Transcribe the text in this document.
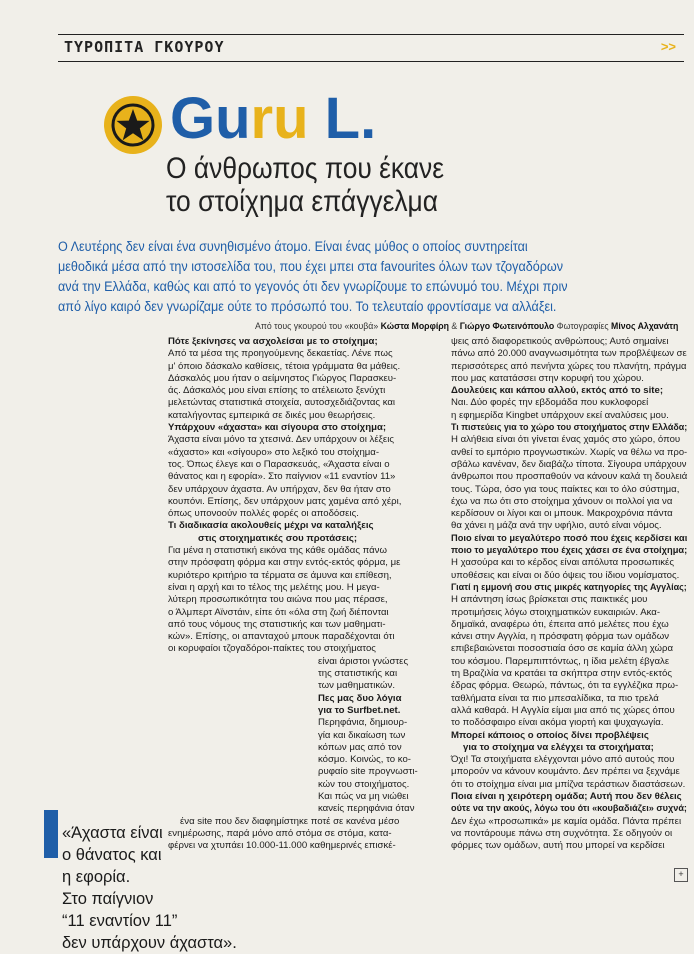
ΤΥΡΟΠΙΤΑ ΓΚΟΥΡΟΥ	>>
Guru L.
Ο άνθρωπος που έκανε
το στοίχημα επάγγελμα
Ο Λευτέρης δεν είναι ένα συνηθισμένο άτομο. Είναι ένας μύθος ο οποίος συντηρείται
μεθοδικά μέσα από την ιστοσελίδα του, που έχει μπει στα favourites όλων των τζογαδόρων
ανά την Ελλάδα, καθώς και από το γεγονός ότι δεν γνωρίζουμε το επώνυμό του. Μέχρι πριν
από λίγο καιρό δεν γνωρίζαμε ούτε το πρόσωπό του. Το τελευταίο φροντίσαμε να αλλάξει.
Από τους γκουρού του «κουβά» Κώστα Μορφίρη & Γιώργο Φωτεινόπουλο Φωτογραφίες Μίνος Αλχανάτη
Πότε ξεκίνησες να ασχολείσαι με το στοίχημα;
Από τα μέσα της προηγούμενης δεκαετίας. Λένε πως
μ' όποιο δάσκαλο καθίσεις, τέτοια γράμματα θα μάθεις.
Δάσκαλός μου ήταν ο αείμνηστος Γιώργος Παρασκευ-
άς. Δάσκαλός μου είναι επίσης το ατέλειωτο ξενύχτι
μελετώντας στατιστικά στοιχεία, αυτοσχεδιάζοντας και
καταλήγοντας εμπειρικά σε δικές μου θεωρήσεις.
Υπάρχουν «άχαστα» και σίγουρα στο στοίχημα;
Άχαστα είναι μόνο τα χτεσινά. Δεν υπάρχουν οι λέξεις
«άχαστο» και «σίγουρο» στο λεξικό του στοίχημα-
τος. Όπως έλεγε και ο Παρασκευάς, «Άχαστα είναι ο
θάνατος και η εφορία». Στο παίγνιον «11 εναντίον 11»
δεν υπάρχουν άχαστα. Αν υπήρχαν, δεν θα ήταν στο
κουπόνι. Επίσης, δεν υπάρχουν ματς χαμένα από χέρι,
όπως υπονοούν πολλές φορές οι αποδόσεις.
Τι διαδικασία ακολουθείς μέχρι να καταλήξεις
στις στοιχηματικές σου προτάσεις;
Για μένα η στατιστική εικόνα της κάθε ομάδας πάνω
στην πρόσφατη φόρμα και στην εντός-εκτός φόρμα, με
κυριότερο κριτήριο τα τέρματα σε άμυνα και επίθεση,
είναι η αρχή και το τέλος της μελέτης μου. Η μεγα-
λύτερη προσωπικότητα του αιώνα που μας πέρασε,
ο Άλμπερτ Αϊνστάιν, είπε ότι «όλα στη ζωή διέπονται
από τους νόμους της στατιστικής και των μαθηματι-
κών». Επίσης, οι απανταχού μπουκ παραδέχονται ότι
οι κορυφαίοι τζογαδόροι-παίκτες του στοιχήματος
είναι άριστοι γνώστες
της στατιστικής και
των μαθηματικών.
Πες μας δυο λόγια
για το Surfbet.net.
Περηφάνια, δημιουρ-
γία και δικαίωση των
κόπων μας από τον
κόσμο. Κοινώς, το κο-
ρυφαίο site προγνωστι-
κών του στοιχήματος.
Και πώς να μη νιώθει
κανείς περηφάνια όταν
ένα site που δεν διαφημίστηκε ποτέ σε κανένα μέσο
ενημέρωσης, παρά μόνο από στόμα σε στόμα, κατα-
φέρνει να χτυπάει 10.000-11.000 καθημερινές επισκέ-
ψεις από διαφορετικούς ανθρώπους; Αυτό σημαίνει
πάνω από 20.000 αναγνωσιμότητα των προβλέψεων σε
περισσότερες από πενήντα χώρες του πλανήτη, πράγμα
που μας κατατάσσει στην κορυφή του χώρου.
Δουλεύεις και κάπου αλλού, εκτός από το site;
Ναι. Δύο φορές την εβδομάδα που κυκλοφορεί
η εφημερίδα Kingbet υπάρχουν εκεί αναλύσεις μου.
Τι πιστεύεις για το χώρο του στοιχήματος στην Ελλάδα;
Η αλήθεια είναι ότι γίνεται ένας χαμός στο χώρο, όπου
ανθεί το εμπόριο προγνωστικών. Χωρίς να θέλω να προ-
σβάλω κανέναν, δεν διαβάζω τίποτα. Σίγουρα υπάρχουν
άνθρωποι που προσπαθούν να κάνουν καλά τη δουλειά
τους. Τώρα, όσο για τους παίκτες και το όλο σύστημα,
έχω να πω ότι στο στοίχημα χάνουν οι πολλοί για να
κερδίσουν οι λίγοι και οι μπουκ. Μακροχρόνια πάντα
θα χάνει η μάζα ανά την υφήλιο, αυτό είναι νόμος.
Ποιο είναι το μεγαλύτερο ποσό που έχεις κερδίσει και
ποιο το μεγαλύτερο που έχεις χάσει σε ένα στοίχημα;
Η χασούρα και το κέρδος είναι απόλυτα προσωπικές
υποθέσεις και είναι οι δύο όψεις του ίδιου νομίσματος.
Γιατί η εμμονή σου στις μικρές κατηγορίες της Αγγλίας;
Η απάντηση ίσως βρίσκεται στις παικτικές μου
προτιμήσεις λόγω στοιχηματικών ευκαιριών. Ακα-
δημαϊκά, αναφέρω ότι, έπειτα από μελέτες που έχω
κάνει στην Αγγλία, η πρόσφατη φόρμα των ομάδων
επιβεβαιώνεται ποσοστιαία όσο σε καμία άλλη χώρα
του κόσμου. Παρεμπιπτόντως, η ίδια μελέτη έβγαλε
τη Βραζιλία να κρατάει τα σκήπτρα στην εντός-εκτός
έδρας φόρμα. Θεωρώ, πάντως, ότι τα εγγλέζικα πρω-
ταθλήματα είναι τα πιο μπεσαλίδικα, τα πιο τρελά
αλλά καθαρά. Η Αγγλία είμαι μια από τις χώρες όπου
το ποδόσφαιρο είναι ακόμα γιορτή και ψυχαγωγία.
Μπορεί κάποιος ο οποίος δίνει προβλέψεις
για το στοίχημα να ελέγχει τα στοιχήματα;
Όχι! Τα στοιχήματα ελέγχονται μόνο από αυτούς που
μπορούν να κάνουν κουμάντο. Δεν πρέπει να ξεχνάμε
ότι το στοίχημα είναι μια μπίζνα τεράστιων διαστάσεων.
Ποια είναι η χειρότερη ομάδα; Αυτή που δεν θέλεις
ούτε να την ακούς, λόγω του ότι «κουβαδιάζει» συχνά;
Δεν έχω «προσωπικά» με καμία ομάδα. Πάντα πρέπει
να ποντάρουμε πάνω στη συχνότητα. Σε οδηγούν οι
φόρμες των ομάδων, αυτή που μπορεί να κερδίσει
«Άχαστα είναι
ο θάνατος και
η εφορία.
Στο παίγνιον
“11 εναντίον 11”
δεν υπάρχουν άχαστα».
+
